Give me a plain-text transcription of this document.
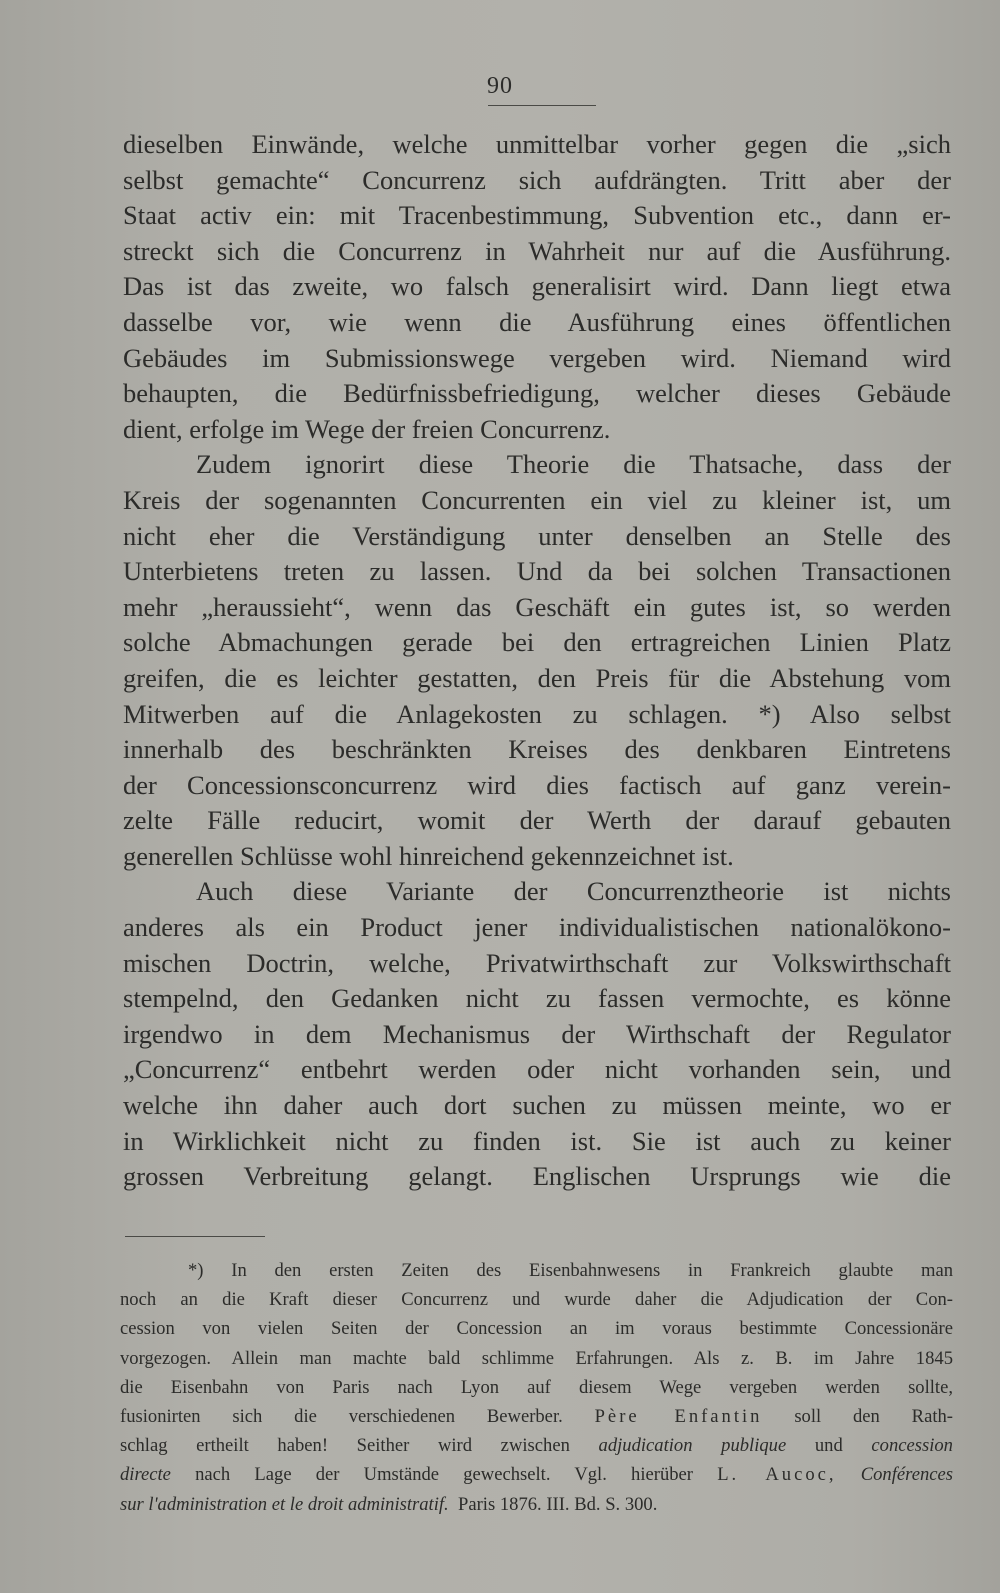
90
dieselben Einwände, welche unmittelbar vorher gegen die „sich
selbst gemachte“ Concurrenz sich aufdrängten. Tritt aber der
Staat activ ein: mit Tracenbestimmung, Subvention etc., dann er-
streckt sich die Concurrenz in Wahrheit nur auf die Ausführung.
Das ist das zweite, wo falsch generalisirt wird. Dann liegt etwa
dasselbe vor, wie wenn die Ausführung eines öffentlichen
Gebäudes im Submissionswege vergeben wird. Niemand wird
behaupten, die Bedürfnissbefriedigung, welcher dieses Gebäude
dient, erfolge im Wege der freien Concurrenz.
Zudem ignorirt diese Theorie die Thatsache, dass der
Kreis der sogenannten Concurrenten ein viel zu kleiner ist, um
nicht eher die Verständigung unter denselben an Stelle des
Unterbietens treten zu lassen. Und da bei solchen Transactionen
mehr „heraussieht“, wenn das Geschäft ein gutes ist, so werden
solche Abmachungen gerade bei den ertragreichen Linien Platz
greifen, die es leichter gestatten, den Preis für die Abstehung vom
Mitwerben auf die Anlagekosten zu schlagen. *) Also selbst
innerhalb des beschränkten Kreises des denkbaren Eintretens
der Concessionsconcurrenz wird dies factisch auf ganz verein-
zelte Fälle reducirt, womit der Werth der darauf gebauten
generellen Schlüsse wohl hinreichend gekennzeichnet ist.
Auch diese Variante der Concurrenztheorie ist nichts
anderes als ein Product jener individualistischen nationalökono-
mischen Doctrin, welche, Privatwirthschaft zur Volkswirthschaft
stempelnd, den Gedanken nicht zu fassen vermochte, es könne
irgendwo in dem Mechanismus der Wirthschaft der Regulator
„Concurrenz“ entbehrt werden oder nicht vorhanden sein, und
welche ihn daher auch dort suchen zu müssen meinte, wo er
in Wirklichkeit nicht zu finden ist. Sie ist auch zu keiner
grossen Verbreitung gelangt. Englischen Ursprungs wie die
*) In den ersten Zeiten des Eisenbahnwesens in Frankreich glaubte man
noch an die Kraft dieser Concurrenz und wurde daher die Adjudication der Con-
cession von vielen Seiten der Concession an im voraus bestimmte Concessionäre
vorgezogen. Allein man machte bald schlimme Erfahrungen. Als z. B. im Jahre 1845
die Eisenbahn von Paris nach Lyon auf diesem Wege vergeben werden sollte,
fusionirten sich die verschiedenen Bewerber. Père Enfantin soll den Rath-
schlag ertheilt haben! Seither wird zwischen adjudication publique und concession
directe nach Lage der Umstände gewechselt. Vgl. hierüber L. Aucoc, Conférences
sur l'administration et le droit administratif. Paris 1876. III. Bd. S. 300.
